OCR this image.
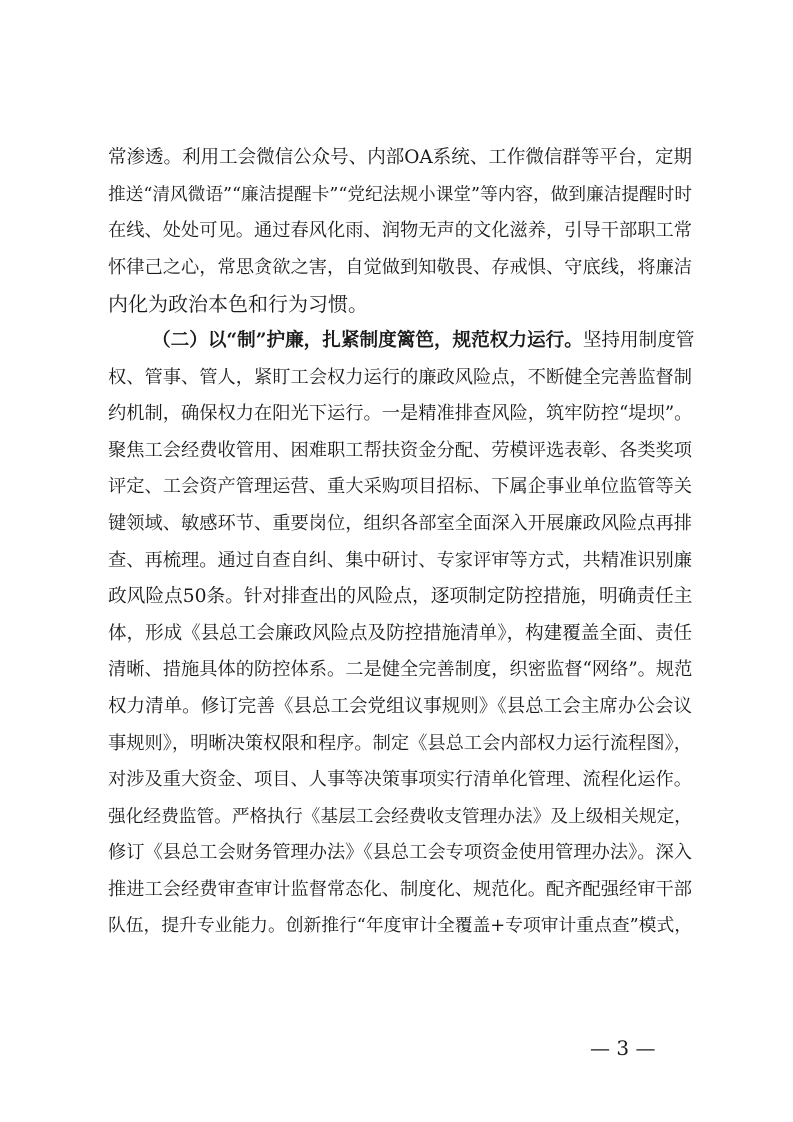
常渗透。利用工会微信公众号、内部OA系统、工作微信群等平台，定期
推送“清风微语”“廉洁提醒卡”“党纪法规小课堂”等内容，做到廉洁提醒时时
在线、处处可见。通过春风化雨、润物无声的文化滋养，引导干部职工常
怀律己之心，常思贪欲之害，自觉做到知敬畏、存戒惧、守底线，将廉洁
内化为政治本色和行为习惯。
（二）以“制”护廉，扎紧制度篱笆，规范权力运行。坚持用制度管
权、管事、管人，紧盯工会权力运行的廉政风险点，不断健全完善监督制
约机制，确保权力在阳光下运行。一是精准排查风险，筑牢防控“堤坝”。
聚焦工会经费收管用、困难职工帮扶资金分配、劳模评选表彰、各类奖项
评定、工会资产管理运营、重大采购项目招标、下属企事业单位监管等关
键领域、敏感环节、重要岗位，组织各部室全面深入开展廉政风险点再排
查、再梳理。通过自查自纠、集中研讨、专家评审等方式，共精准识别廉
政风险点50条。针对排查出的风险点，逐项制定防控措施，明确责任主
体，形成《县总工会廉政风险点及防控措施清单》，构建覆盖全面、责任
清晰、措施具体的防控体系。二是健全完善制度，织密监督“网络”。规范
权力清单。修订完善《县总工会党组议事规则》《县总工会主席办公会议
事规则》，明晰决策权限和程序。制定《县总工会内部权力运行流程图》，
对涉及重大资金、项目、人事等决策事项实行清单化管理、流程化运作。
强化经费监管。严格执行《基层工会经费收支管理办法》及上级相关规定，
修订《县总工会财务管理办法》《县总工会专项资金使用管理办法》。深入
推进工会经费审查审计监督常态化、制度化、规范化。配齐配强经审干部
队伍，提升专业能力。创新推行“年度审计全覆盖+专项审计重点查”模式，
— 3 —
